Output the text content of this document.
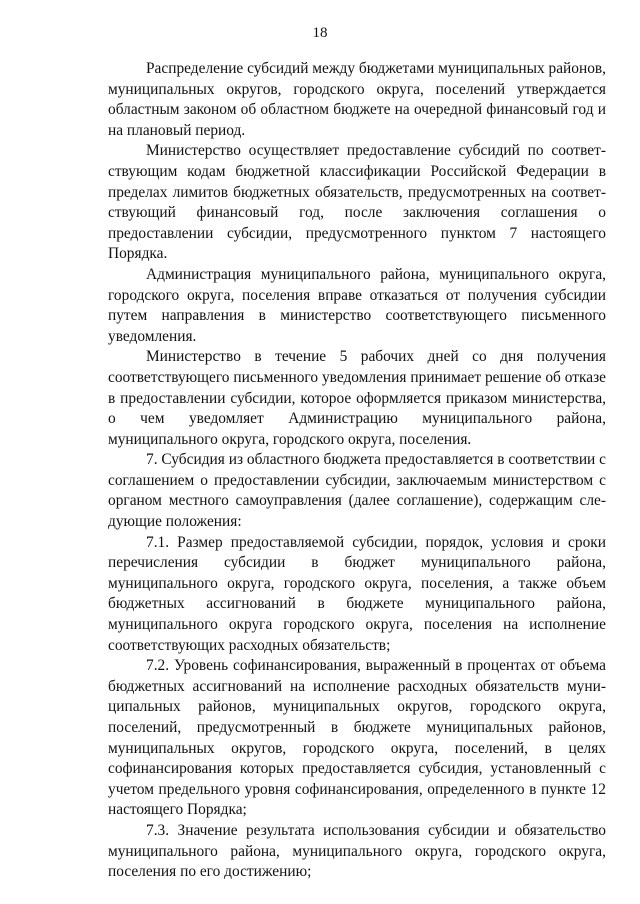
18

Распределение субсидий между бюджетами муниципальных районов, муниципальных округов, городского округа, поселений утверждается областным законом об областном бюджете на очередной финансовый год и на плановый период.

Министерство осуществляет предоставление субсидий по соответствующим кодам бюджетной классификации Российской Федерации в пределах лимитов бюджетных обязательств, предусмотренных на соответствующий финансовый год, после заключения соглашения о предоставлении субсидии, предусмотренного пунктом 7 настоящего Порядка.

Администрация муниципального района, муниципального округа, городского округа, поселения вправе отказаться от получения субсидии путем направления в министерство соответствующего письменного уведомления.

Министерство в течение 5 рабочих дней со дня получения соответствующего письменного уведомления принимает решение об отказе в предоставлении субсидии, которое оформляется приказом министерства, о чем уведомляет Администрацию муниципального района, муниципального округа, городского округа, поселения.

7. Субсидия из областного бюджета предоставляется в соответствии с соглашением о предоставлении субсидии, заключаемым министерством с органом местного самоуправления (далее соглашение), содержащим следующие положения:

7.1. Размер предоставляемой субсидии, порядок, условия и сроки перечисления субсидии в бюджет муниципального района, муниципального округа, городского округа, поселения, а также объем бюджетных ассигнований в бюджете муниципального района, муниципального округа городского округа, поселения на исполнение соответствующих расходных обязательств;

7.2. Уровень софинансирования, выраженный в процентах от объема бюджетных ассигнований на исполнение расходных обязательств муниципальных районов, муниципальных округов, городского округа, поселений, предусмотренный в бюджете муниципальных районов, муниципальных округов, городского округа, поселений, в целях софинансирования которых предоставляется субсидия, установленный с учетом предельного уровня софинансирования, определенного в пункте 12 настоящего Порядка;

7.3. Значение результата использования субсидии и обязательство муниципального района, муниципального округа, городского округа, поселения по его достижению;
